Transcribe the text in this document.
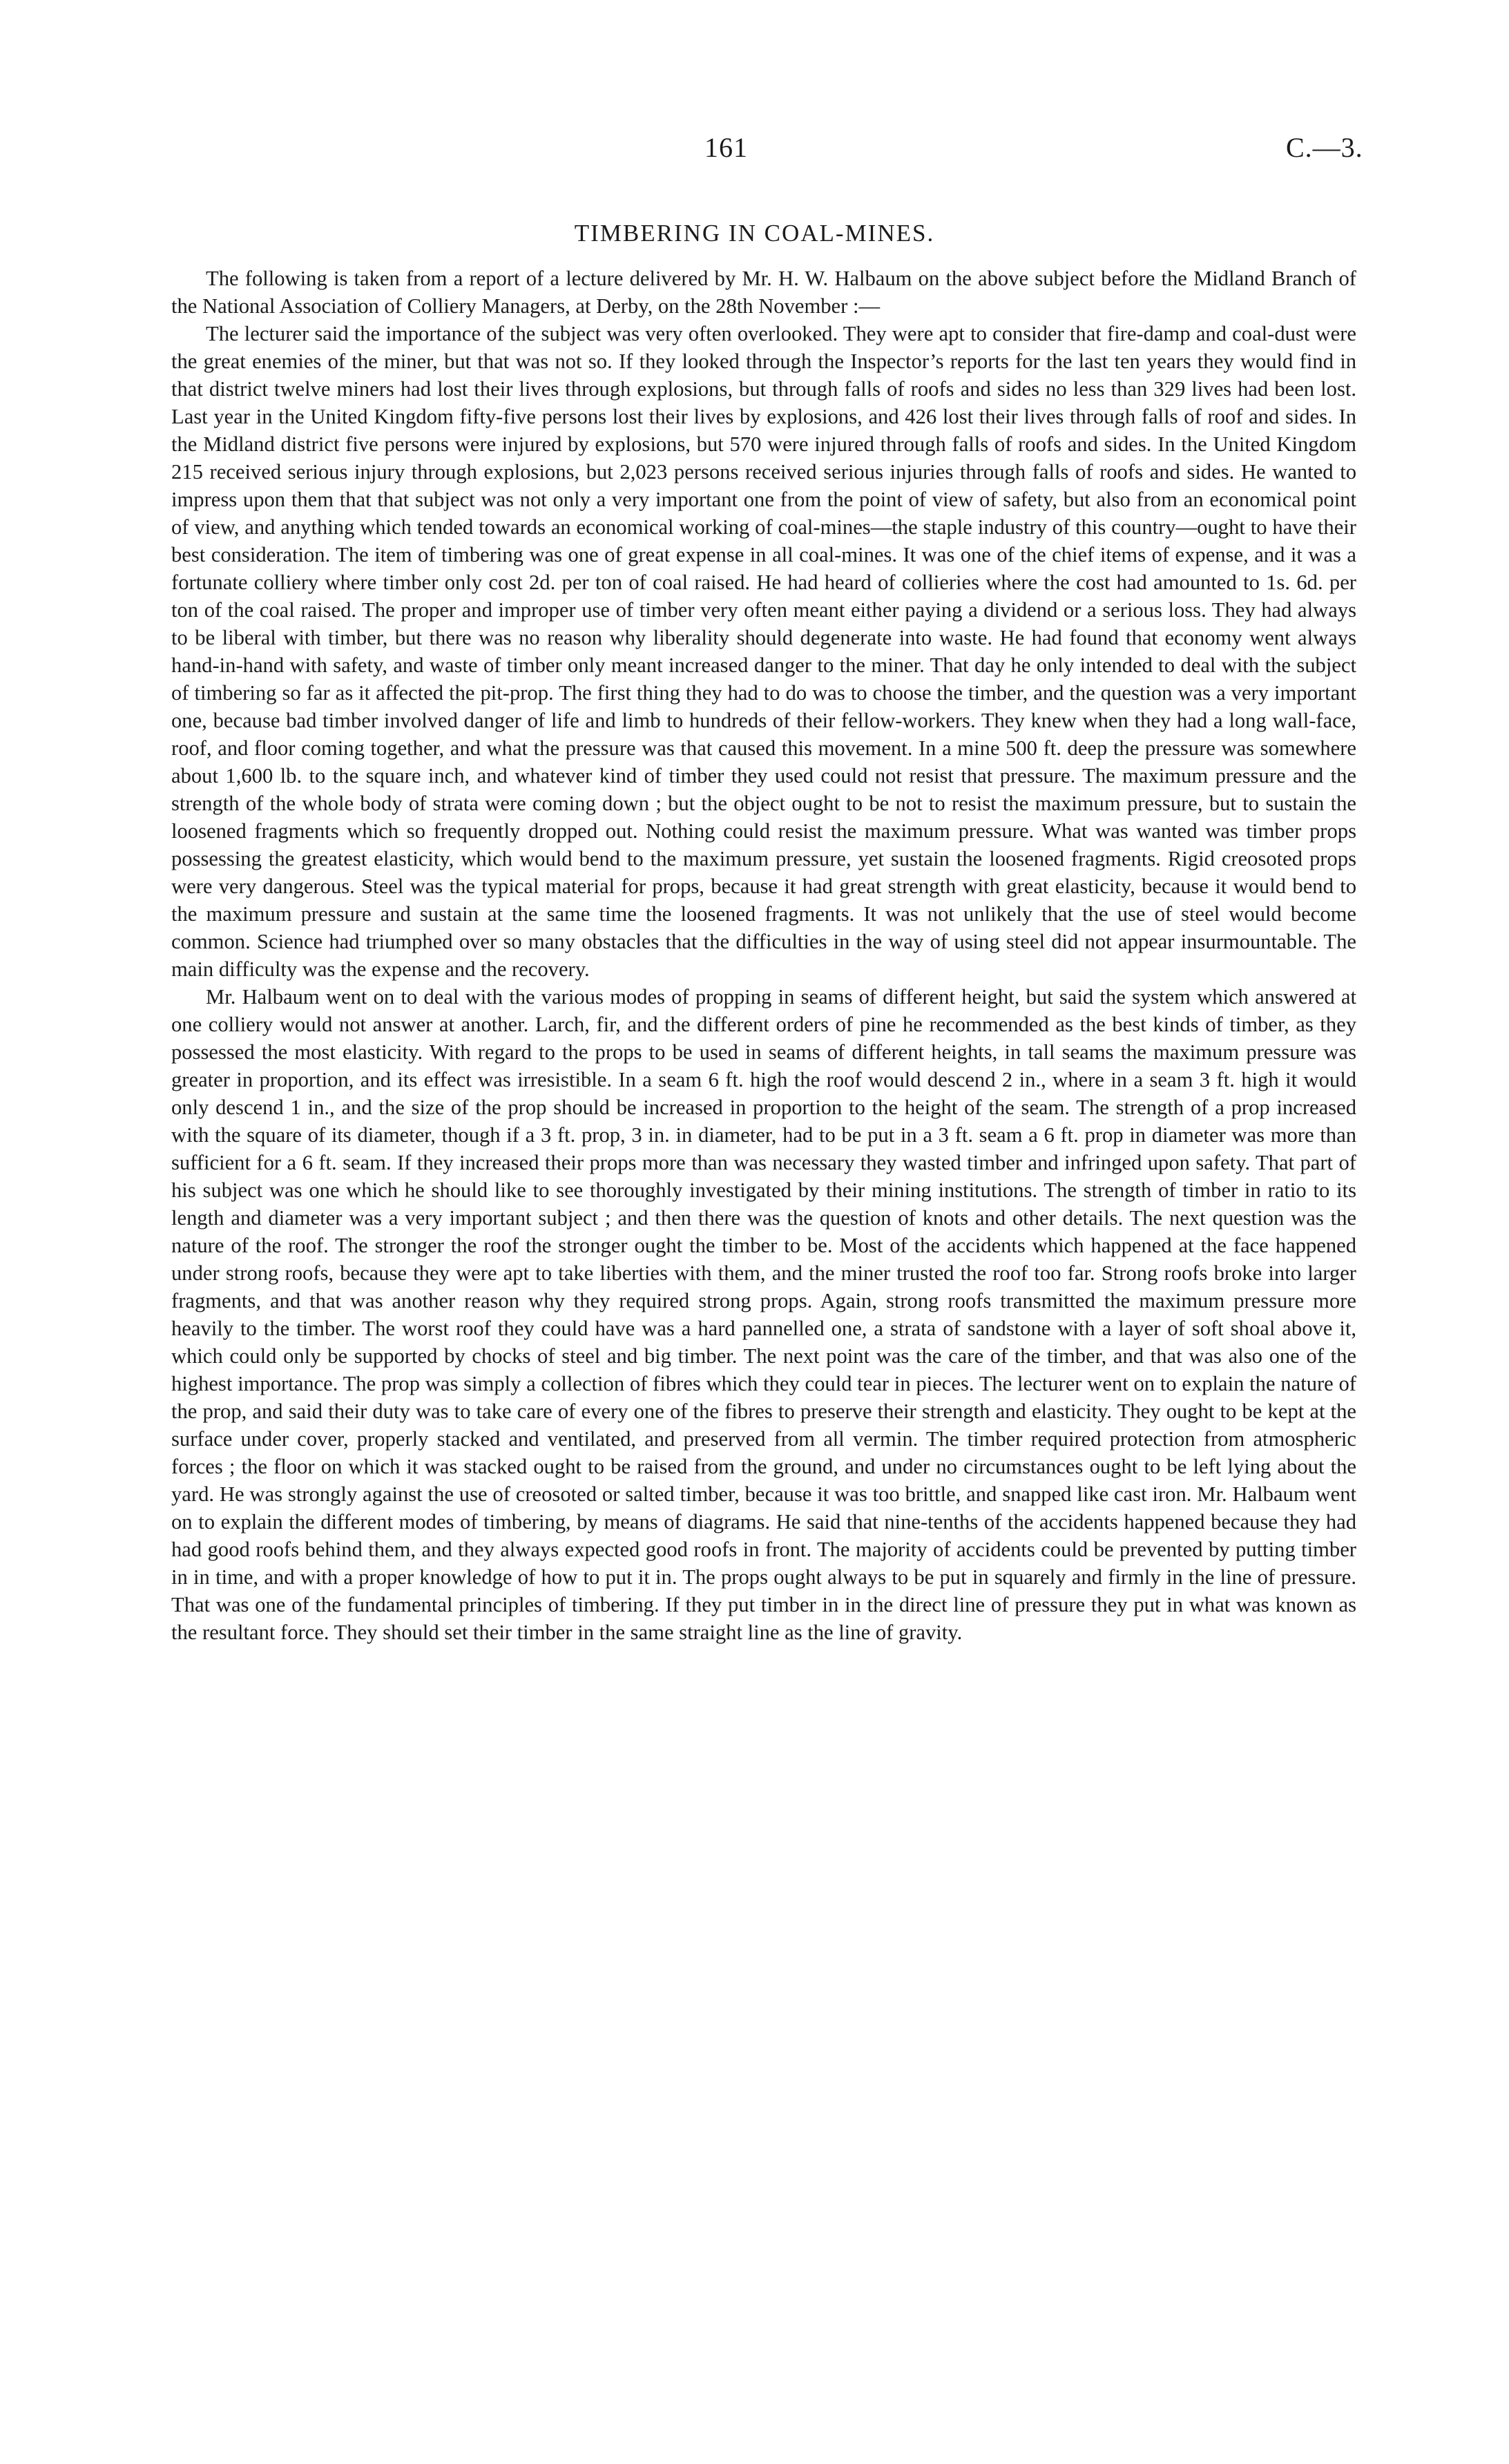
161	C.—3.
TIMBERING IN COAL-MINES.

The following is taken from a report of a lecture delivered by Mr. H. W. Halbaum on the above subject before the Midland Branch of the National Association of Colliery Managers, at Derby, on the 28th November :—

The lecturer said the importance of the subject was very often overlooked. They were apt to consider that fire-damp and coal-dust were the great enemies of the miner, but that was not so. If they looked through the Inspector’s reports for the last ten years they would find in that district twelve miners had lost their lives through explosions, but through falls of roofs and sides no less than 329 lives had been lost. Last year in the United Kingdom fifty-five persons lost their lives by explosions, and 426 lost their lives through falls of roof and sides. In the Midland district five persons were injured by explosions, but 570 were injured through falls of roofs and sides. In the United Kingdom 215 received serious injury through explosions, but 2,023 persons received serious injuries through falls of roofs and sides. He wanted to impress upon them that that subject was not only a very important one from the point of view of safety, but also from an economical point of view, and anything which tended towards an economical working of coal-mines—the staple industry of this country—ought to have their best consideration. The item of timbering was one of great expense in all coal-mines. It was one of the chief items of expense, and it was a fortunate colliery where timber only cost 2d. per ton of coal raised. He had heard of collieries where the cost had amounted to 1s. 6d. per ton of the coal raised. The proper and improper use of timber very often meant either paying a dividend or a serious loss. They had always to be liberal with timber, but there was no reason why liberality should degenerate into waste. He had found that economy went always hand-in-hand with safety, and waste of timber only meant increased danger to the miner. That day he only intended to deal with the subject of timbering so far as it affected the pit-prop. The first thing they had to do was to choose the timber, and the question was a very important one, because bad timber involved danger of life and limb to hundreds of their fellow-workers. They knew when they had a long wall-face, roof, and floor coming together, and what the pressure was that caused this movement. In a mine 500 ft. deep the pressure was somewhere about 1,600 lb. to the square inch, and whatever kind of timber they used could not resist that pressure. The maximum pressure and the strength of the whole body of strata were coming down ; but the object ought to be not to resist the maximum pressure, but to sustain the loosened fragments which so frequently dropped out. Nothing could resist the maximum pressure. What was wanted was timber props possessing the greatest elasticity, which would bend to the maximum pressure, yet sustain the loosened fragments. Rigid creosoted props were very dangerous. Steel was the typical material for props, because it had great strength with great elasticity, because it would bend to the maximum pressure and sustain at the same time the loosened fragments. It was not unlikely that the use of steel would become common. Science had triumphed over so many obstacles that the difficulties in the way of using steel did not appear insurmountable. The main difficulty was the expense and the recovery.

Mr. Halbaum went on to deal with the various modes of propping in seams of different height, but said the system which answered at one colliery would not answer at another. Larch, fir, and the different orders of pine he recommended as the best kinds of timber, as they possessed the most elasticity. With regard to the props to be used in seams of different heights, in tall seams the maximum pressure was greater in proportion, and its effect was irresistible. In a seam 6 ft. high the roof would descend 2 in., where in a seam 3 ft. high it would only descend 1 in., and the size of the prop should be increased in proportion to the height of the seam. The strength of a prop increased with the square of its diameter, though if a 3 ft. prop, 3 in. in diameter, had to be put in a 3 ft. seam a 6 ft. prop in diameter was more than sufficient for a 6 ft. seam. If they increased their props more than was necessary they wasted timber and infringed upon safety. That part of his subject was one which he should like to see thoroughly investigated by their mining institutions. The strength of timber in ratio to its length and diameter was a very important subject ; and then there was the question of knots and other details. The next question was the nature of the roof. The stronger the roof the stronger ought the timber to be. Most of the accidents which happened at the face happened under strong roofs, because they were apt to take liberties with them, and the miner trusted the roof too far. Strong roofs broke into larger fragments, and that was another reason why they required strong props. Again, strong roofs transmitted the maximum pressure more heavily to the timber. The worst roof they could have was a hard pannelled one, a strata of sandstone with a layer of soft shoal above it, which could only be supported by chocks of steel and big timber. The next point was the care of the timber, and that was also one of the highest importance. The prop was simply a collection of fibres which they could tear in pieces. The lecturer went on to explain the nature of the prop, and said their duty was to take care of every one of the fibres to preserve their strength and elasticity. They ought to be kept at the surface under cover, properly stacked and ventilated, and preserved from all vermin. The timber required protection from atmospheric forces ; the floor on which it was stacked ought to be raised from the ground, and under no circumstances ought to be left lying about the yard. He was strongly against the use of creosoted or salted timber, because it was too brittle, and snapped like cast iron. Mr. Halbaum went on to explain the different modes of timbering, by means of diagrams. He said that nine-tenths of the accidents happened because they had had good roofs behind them, and they always expected good roofs in front. The majority of accidents could be prevented by putting timber in in time, and with a proper knowledge of how to put it in. The props ought always to be put in squarely and firmly in the line of pressure. That was one of the fundamental principles of timbering. If they put timber in in the direct line of pressure they put in what was known as the resultant force. They should set their timber in the same straight line as the line of gravity.
